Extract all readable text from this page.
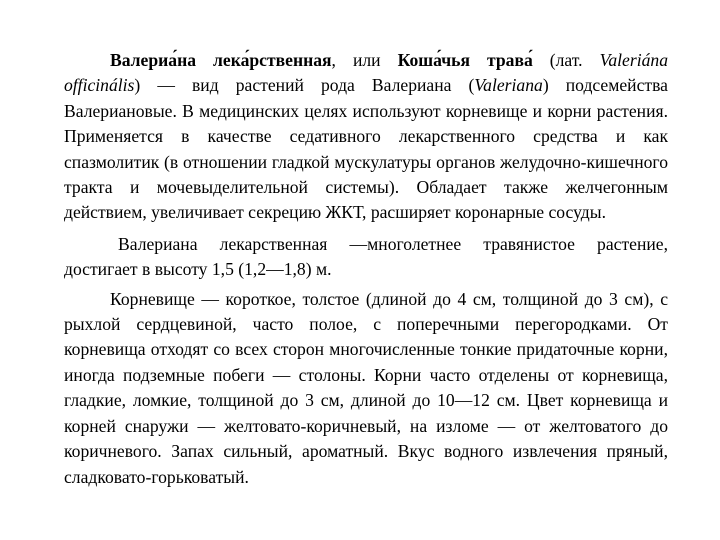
Валериа́на лека́рственная, или Коша́чья трава́ (лат. Valeriána officinális) — вид растений рода Валериана (Valeriana) подсемейства Валериановые. В медицинских целях используют корневище и корни растения. Применяется в качестве седативного лекарственного средства и как спазмолитик (в отношении гладкой мускулатуры органов желудочно-кишечного тракта и мочевыделительной системы). Обладает также желчегонным действием, увеличивает секрецию ЖКТ, расширяет коронарные сосуды.

Валериана лекарственная —многолетнее травянистое растение, достигает в высоту 1,5 (1,2—1,8) м.

Корневище — короткое, толстое (длиной до 4 см, толщиной до 3 см), с рыхлой сердцевиной, часто полое, с поперечными перегородками. От корневища отходят со всех сторон многочисленные тонкие придаточные корни, иногда подземные побеги — столоны. Корни часто отделены от корневища, гладкие, ломкие, толщиной до 3 см, длиной до 10—12 см. Цвет корневища и корней снаружи — желтовато-коричневый, на изломе — от желтоватого до коричневого. Запах сильный, ароматный. Вкус водного извлечения пряный, сладковато-горьковатый.
